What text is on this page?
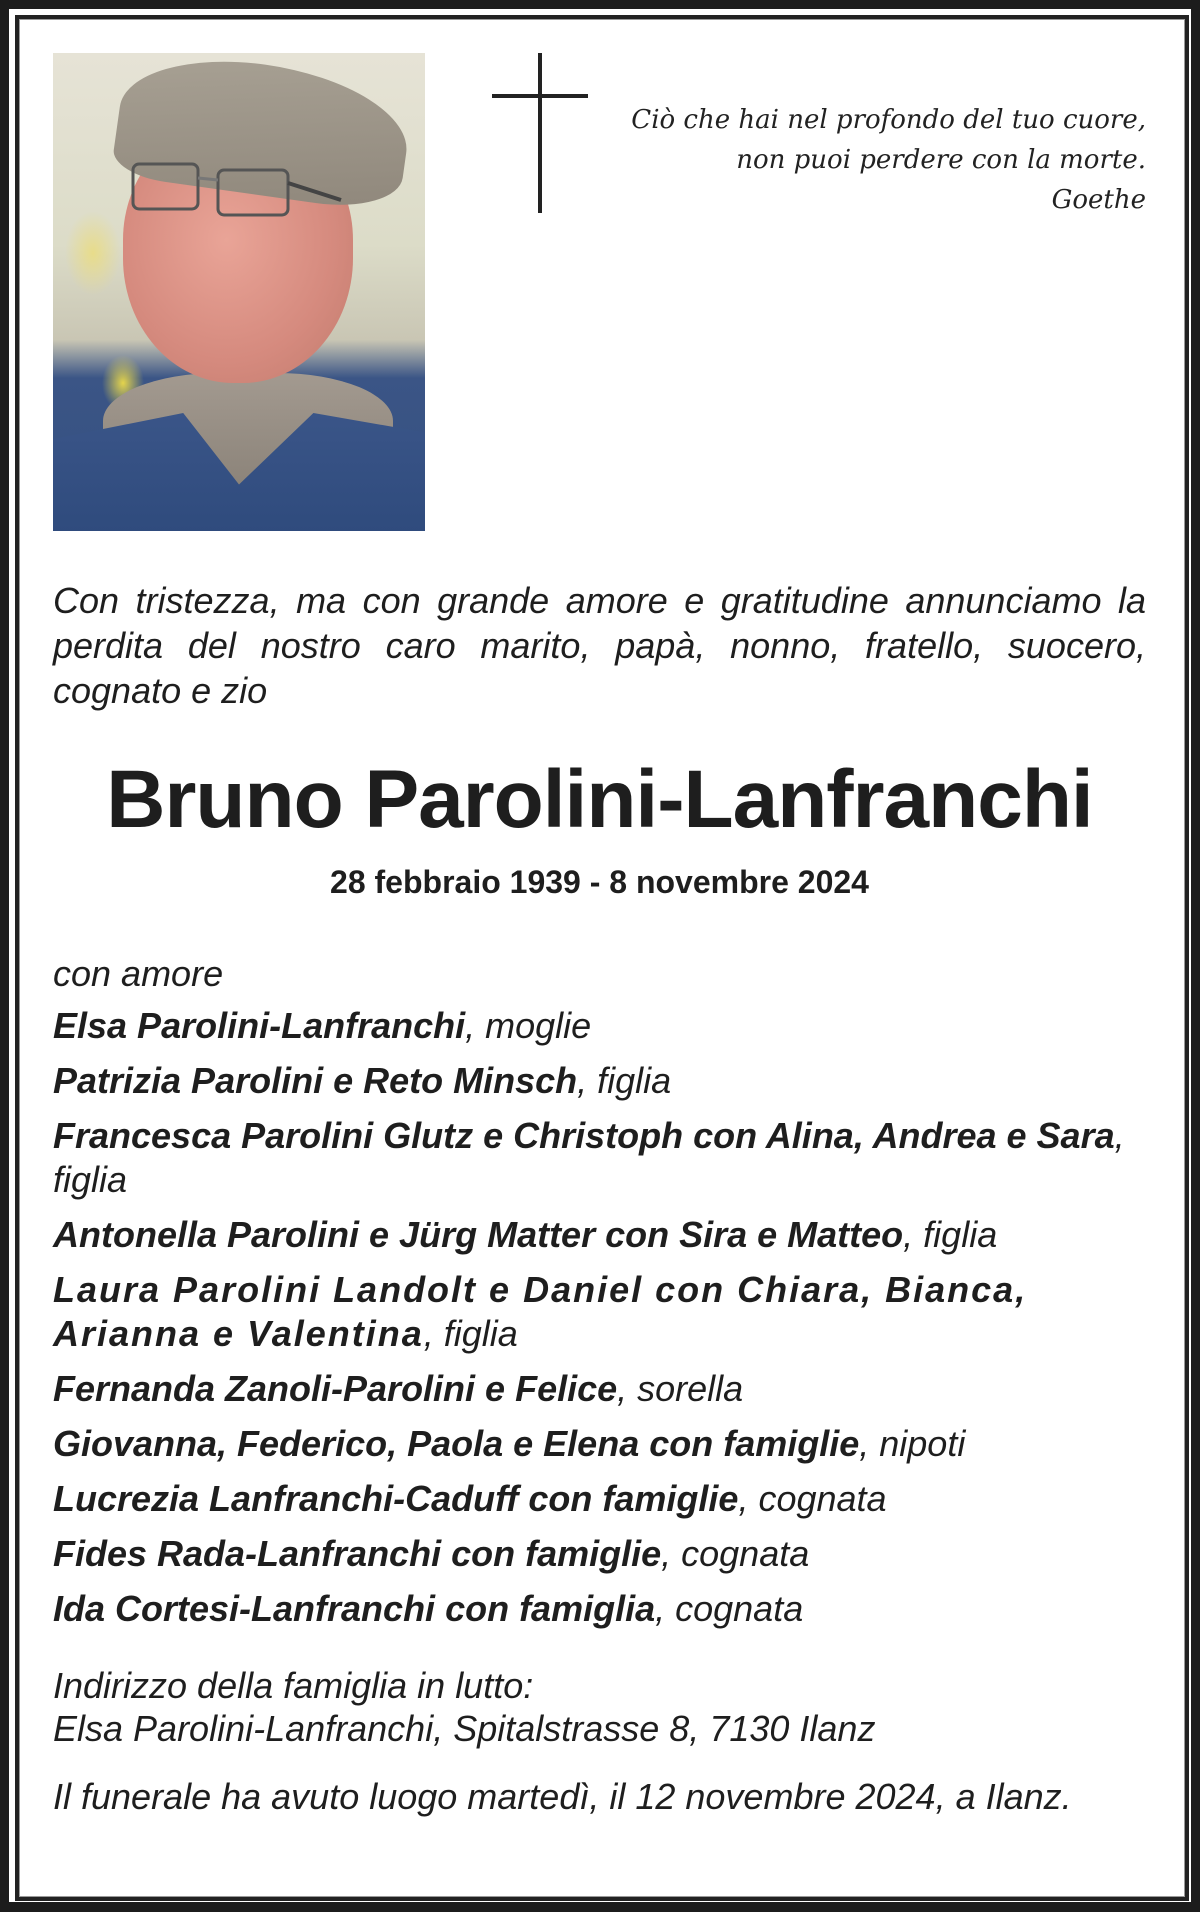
Ciò che hai nel profondo del tuo cuore,
non puoi perdere con la morte.
Goethe
Con tristezza, ma con grande amore e gratitudine annunciamo la perdita del nostro caro marito, papà, nonno, fratello, suocero, cognato e zio
Bruno Parolini-Lanfranchi
28 febbraio 1939 - 8 novembre 2024
con amore
Elsa Parolini-Lanfranchi, moglie
Patrizia Parolini e Reto Minsch, figlia
Francesca Parolini Glutz e Christoph con Alina, Andrea e Sara, figlia
Antonella Parolini e Jürg Matter con Sira e Matteo, figlia
Laura Parolini Landolt e Daniel con Chiara, Bianca, Arianna e Valentina, figlia
Fernanda Zanoli-Parolini e Felice, sorella
Giovanna, Federico, Paola e Elena con famiglie, nipoti
Lucrezia Lanfranchi-Caduff con famiglie, cognata
Fides Rada-Lanfranchi con famiglie, cognata
Ida Cortesi-Lanfranchi con famiglia, cognata
Indirizzo della famiglia in lutto:
Elsa Parolini-Lanfranchi, Spitalstrasse 8, 7130 Ilanz
Il funerale ha avuto luogo martedì, il 12 novembre 2024, a Ilanz.
